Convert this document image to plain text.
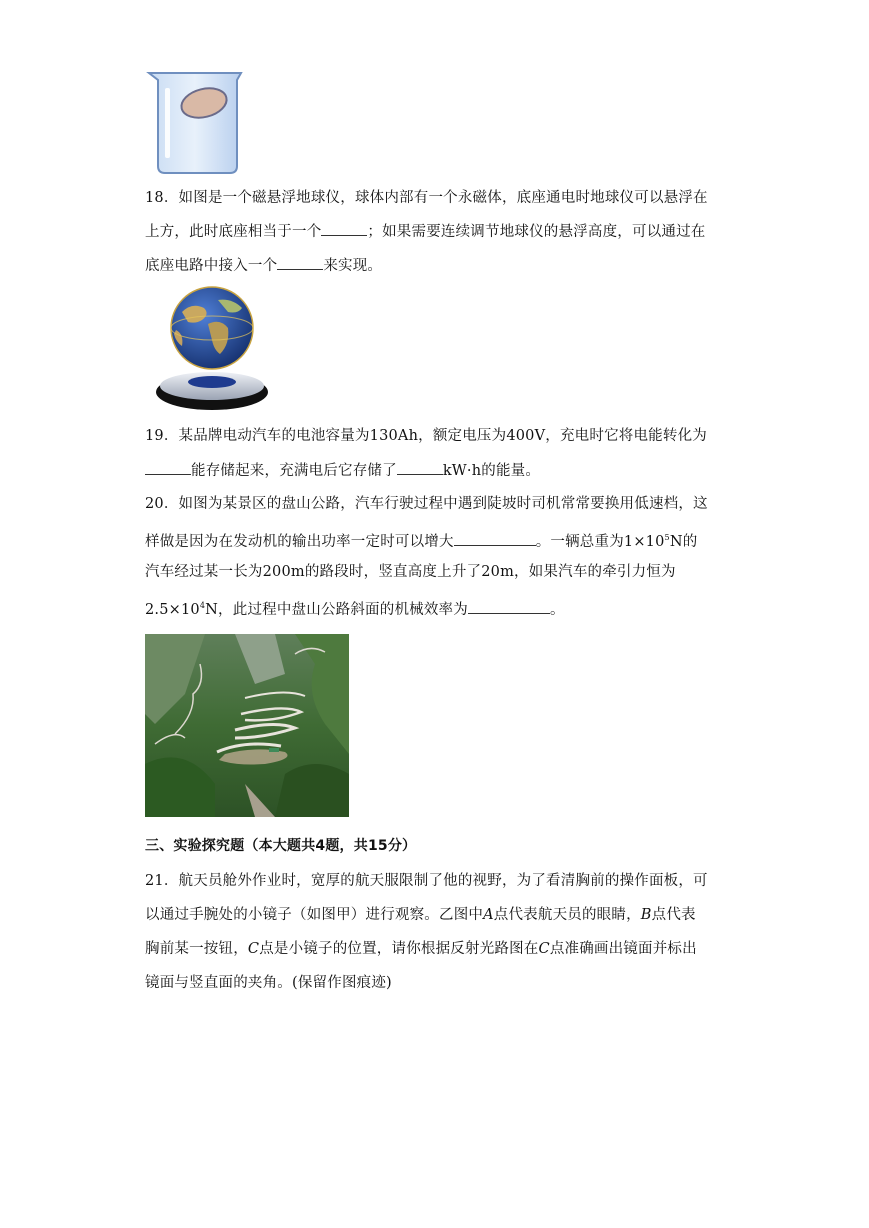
18．如图是一个磁悬浮地球仪，球体内部有一个永磁体，底座通电时地球仪可以悬浮在
上方，此时底座相当于一个	；如果需要连续调节地球仪的悬浮高度，可以通过在
底座电路中接入一个	来实现。
19．某品牌电动汽车的电池容量为130Ah，额定电压为400V，充电时它将电能转化为
能存储起来，充满电后它存储了	kW·h的能量。
20．如图为某景区的盘山公路，汽车行驶过程中遇到陡坡时司机常常要换用低速档，这
样做是因为在发动机的输出功率一定时可以增大	。一辆总重为$1\times 10^5N$的
汽车经过某一长为200m的路段时，竖直高度上升了20m，如果汽车的牵引力恒为
$2.5\times 10^4N$，此过程中盘山公路斜面的机械效率为	。
三、实验探究题（本大题共4题，共15分）
21．航天员舱外作业时，宽厚的航天服限制了他的视野，为了看清胸前的操作面板，可
以通过手腕处的小镜子（如图甲）进行观察。乙图中A点代表航天员的眼睛，B点代表
胸前某一按钮，C点是小镜子的位置，请你根据反射光路图在C点准确画出镜面并标出
镜面与竖直面的夹角。(保留作图痕迹)
